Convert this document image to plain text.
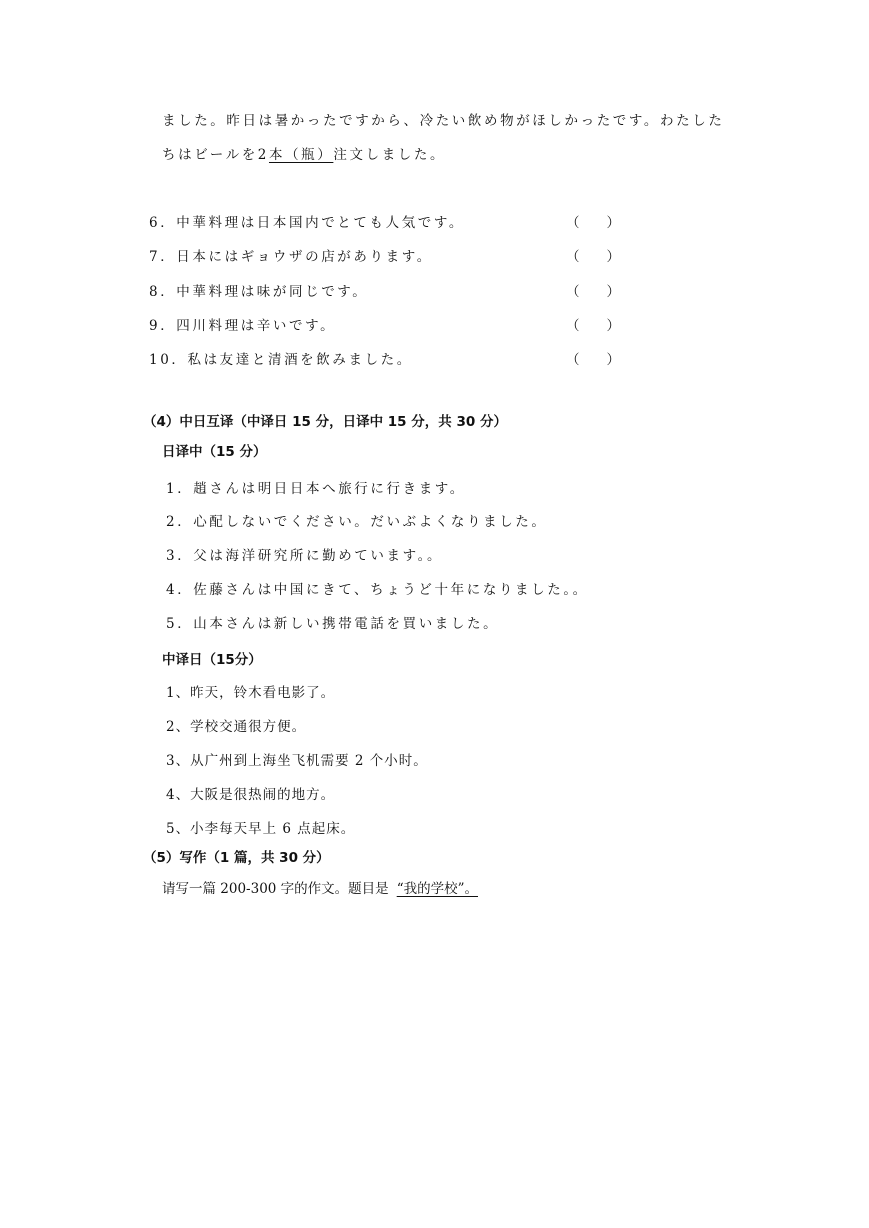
ました。昨日は暑かったですから、冷たい飲め物がほしかったです。わたした
ちはビールを2本（瓶）注文しました。
6．中華料理は日本国内でとても人気です。	（　　）
7．日本にはギョウザの店があります。	（　　）
8．中華料理は味が同じです。	（　　）
9．四川料理は辛いです。	（　　）
10．私は友達と清酒を飲みました。	（　　）
（4）中日互译（中译日 15 分，日译中 15 分，共 30 分）
日译中（15 分）
1．趙さんは明日日本へ旅行に行きます。
2．心配しないでください。だいぶよくなりました。
3．父は海洋研究所に勤めています。。
4．佐藤さんは中国にきて、ちょうど十年になりました。。
5．山本さんは新しい携帯電話を買いました。
中译日（15分）
1、昨天，铃木看电影了。
2、学校交通很方便。
3、从广州到上海坐飞机需要 2 个小时。
4、大阪是很热闹的地方。
5、小李每天早上 6 点起床。
（5）写作（1 篇，共 30 分）
请写一篇 200-300 字的作文。题目是 “我的学校”。
